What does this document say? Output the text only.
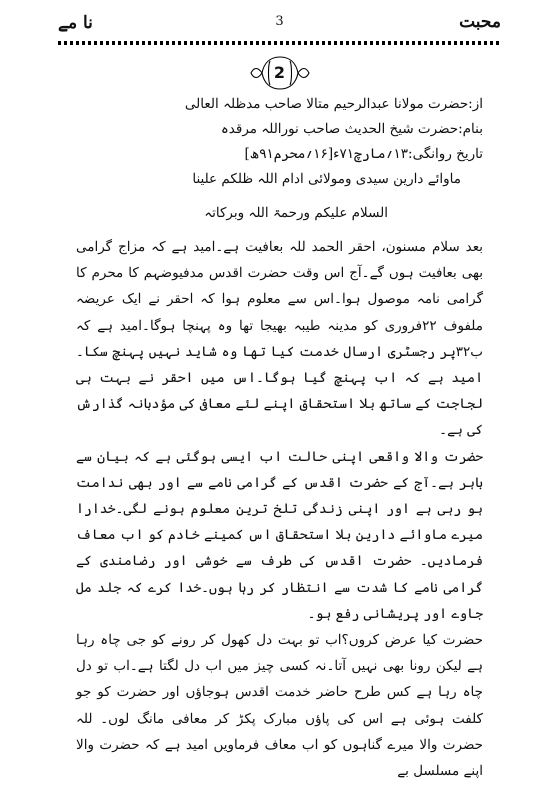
نا مے	3	محبت
2

از:حضرت مولانا عبدالرحیم متالا صاحب مدظلہ العالی

بنام:حضرت شیخ الحدیث صاحب نوراللہ مرقدہ

تاریخ روانگی:۱۳؍مارچ۷۱ء[۱۶؍محرم۹۱ھ]

ماوائے دارین سیدی ومولائی ادام اللہ ظلکم علینا

السلام علیکم ورحمۃ اللہ وبرکاتہ

بعد سلام مسنون، احقر الحمد للہ بعافیت ہے۔امید ہے کہ مزاج گرامی بھی بعافیت ہوں گے۔آج اس وقت حضرت اقدس مدفیوضہم کا محرم کا گرامی نامہ موصول ہوا۔اس سے معلوم ہوا کہ احقر نے ایک عریضہ ملفوف ۲۲فروری کو مدینہ طیبہ بھیجا تھا وہ پہنچا ہوگا۔امید ہے کہ ب۳۲پر رجسٹری ارسال خدمت کیا تھا وہ شاید نہیں پہنچ سکا۔امید ہے کہ اب پہنچ گیا ہوگا۔اس میں احقر نے بہت ہی لجاجت کے ساتھ بلا استحقاق اپنے لئے معافی کی مؤدبانہ گذارش کی ہے۔

حضرت والا واقعی اپنی حالت اب ایسی ہوگئی ہے کہ بیان سے باہر ہے۔آج کے حضرت اقدس کے گرامی نامے سے اور بھی ندامت ہو رہی ہے اور اپنی زندگی تلخ ترین معلوم ہونے لگی۔خدارا میرے ماوائے دارین بلا استحقاق اس کمینے خادم کو اب معاف فرمادیں۔ حضرت اقدس کی طرف سے خوشی اور رضامندی کے گرامی نامے کا شدت سے انتظار کر رہا ہوں۔خدا کرے کہ جلد مل جاوے اور پریشانی رفع ہو۔

حضرت کیا عرض کروں؟اب تو بہت دل کھول کر رونے کو جی چاہ رہا ہے لیکن رونا بھی نہیں آتا۔نہ کسی چیز میں اب دل لگتا ہے۔اب تو دل چاہ رہا ہے کس طرح حاضر خدمت اقدس ہوجاؤں اور حضرت کو جو کلفت ہوئی ہے اس کی پاؤں مبارک پکڑ کر معافی مانگ لوں۔ للہ حضرت والا میرے گناہوں کو اب معاف فرماویں امید ہے کہ حضرت والا اپنے مسلسل بے
